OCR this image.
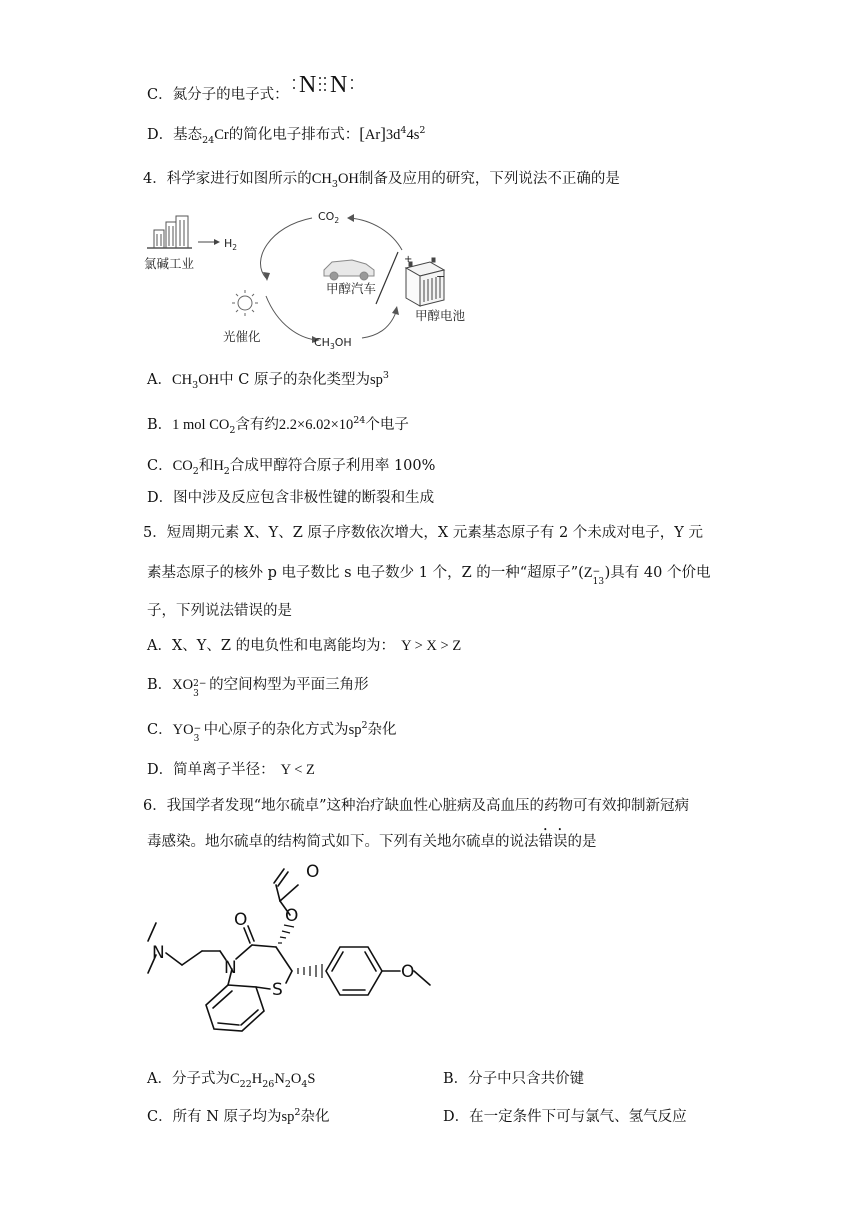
C．氮分子的电子式： N N
D．基态$_{24}$Cr的简化电子排布式：$[Ar]3d^44s^2$
4．科学家进行如图所示的$CH_3OH$制备及应用的研究，下列说法不正确的是
氯碱工业
$H_2$
$CO_2$
光催化	$CH_3OH$
甲醇汽车
+
−
甲醇电池
A．$CH_3OH$中 C 原子的杂化类型为$sp^3$
B．1 mol $CO_2$含有约$2.2\times 6.02\times 10^{24}$个电子
C．$CO_2$和$H_2$合成甲醇符合原子利用率 100%
D．图中涉及反应包含非极性键的断裂和生成
5．短周期元素 X、Y、Z 原子序数依次增大，X 元素基态原子有 2 个未成对电子，Y 元
素基态原子的核外 p 电子数比 s 电子数少 1 个，Z 的一种“超原子”(Z −
13
)具有 40 个价电
子，下列说法错误的是
A．X、Y、Z 的电负性和电离能均为： Y > X > Z
B．XO 2−
3
的空间构型为平面三角形
C．YO −
3
中心原子的杂化方式为$sp^2$杂化
D．简单离子半径： Y < Z
6．我国学者发现“地尔硫卓”这种治疗缺血性心脏病及高血压的药物可有效抑制新冠病
毒感染。地尔硫卓的结构简式如下。下列有关地尔硫卓的说法错误的是
N
N
S
O O
O
O
A．分子式为$C_{22}H_{26}N_2O_4S$	B．分子中只含共价键
C．所有 N 原子均为$sp^2$杂化	D．在一定条件下可与氯气、氢气反应
